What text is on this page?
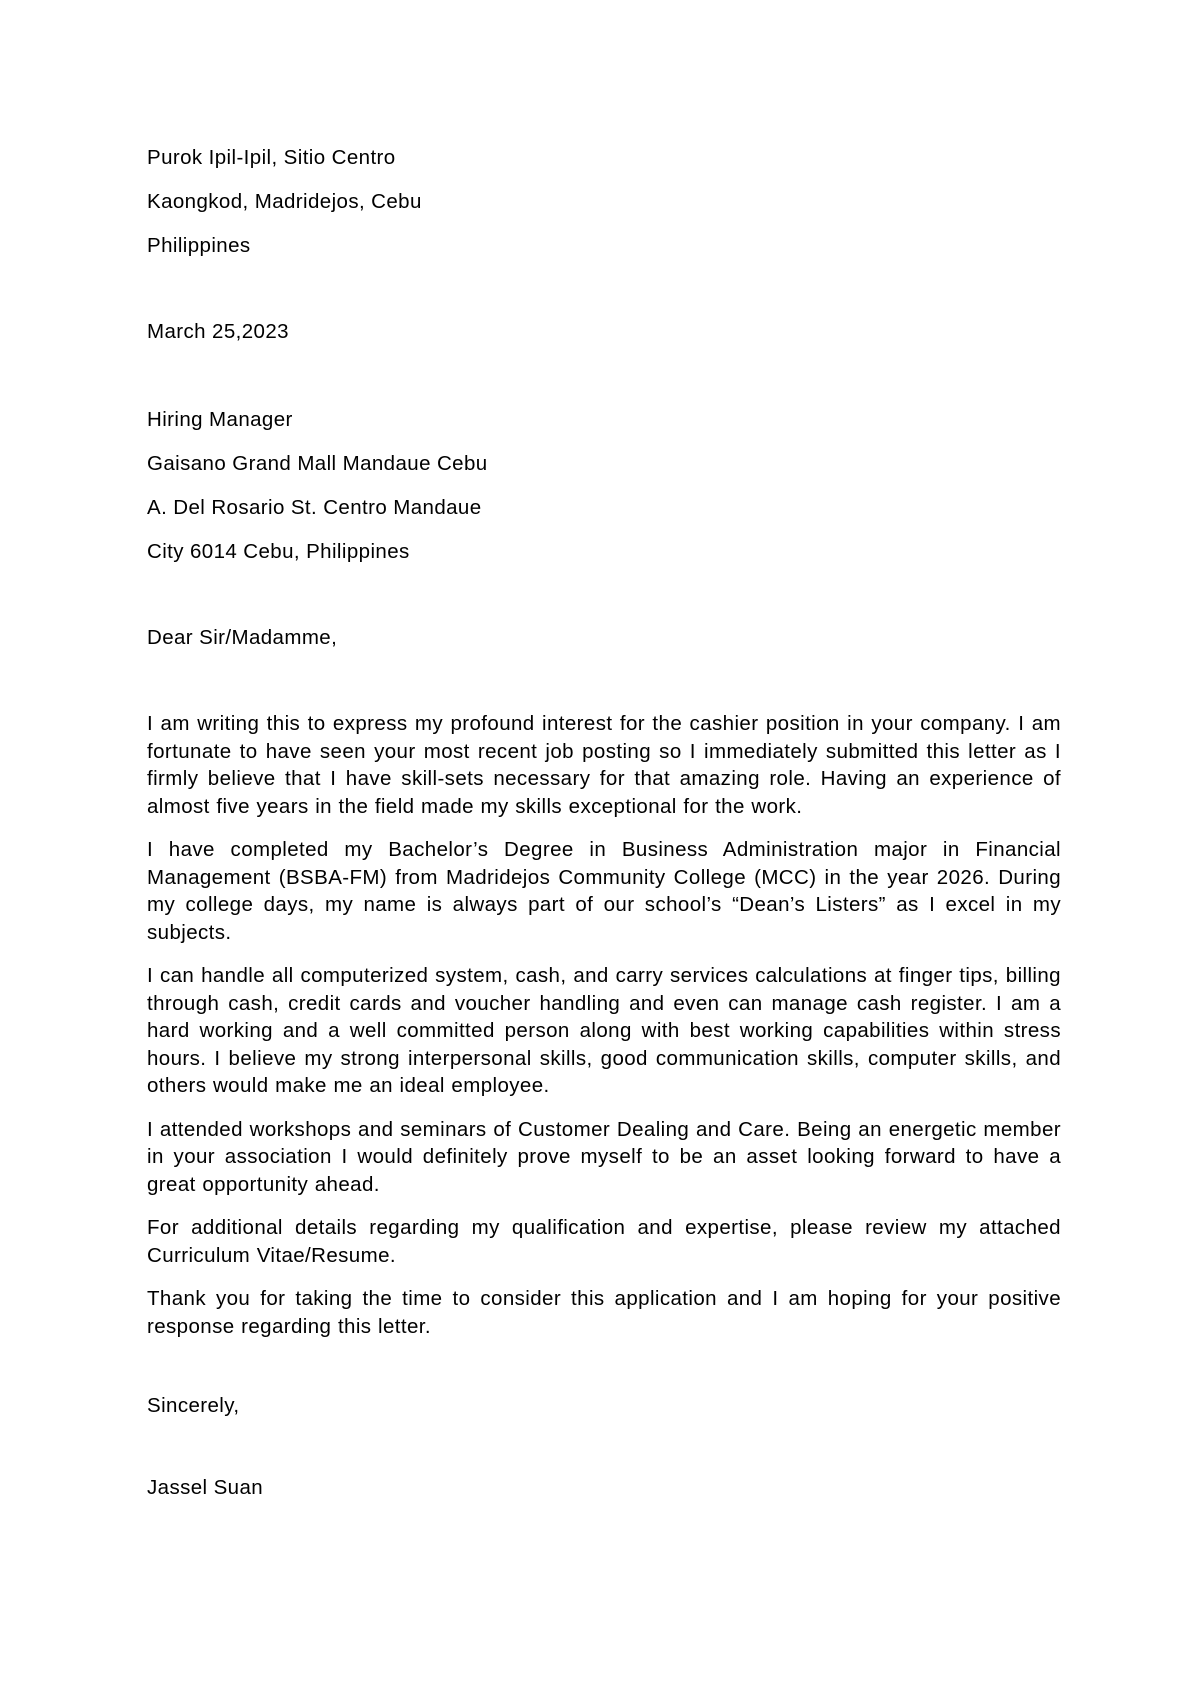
Purok Ipil-Ipil, Sitio Centro
Kaongkod, Madridejos, Cebu
Philippines
March 25,2023
Hiring Manager
Gaisano Grand Mall Mandaue Cebu
A. Del Rosario St. Centro Mandaue
City 6014 Cebu, Philippines
Dear Sir/Madamme,

I am writing this to express my profound interest for the cashier position in your company. I am fortunate to have seen your most recent job posting so I immediately submitted this letter as I firmly believe that I have skill-sets necessary for that amazing role. Having an experience of almost five years in the field made my skills exceptional for the work.

I have completed my Bachelor’s Degree in Business Administration major in Financial Management (BSBA-FM) from Madridejos Community College (MCC) in the year 2026. During my college days, my name is always part of our school’s “Dean’s Listers” as I excel in my subjects.

I can handle all computerized system, cash, and carry services calculations at finger tips, billing through cash, credit cards and voucher handling and even can manage cash register. I am a hard working and a well committed person along with best working capabilities within stress hours. I believe my strong interpersonal skills, good communication skills, computer skills, and others would make me an ideal employee.

I attended workshops and seminars of Customer Dealing and Care. Being an energetic member in your association I would definitely prove myself to be an asset looking forward to have a great opportunity ahead.

For additional details regarding my qualification and expertise, please review my attached Curriculum Vitae/Resume.

Thank you for taking the time to consider this application and I am hoping for your positive response regarding this letter.

Sincerely,
Jassel Suan
